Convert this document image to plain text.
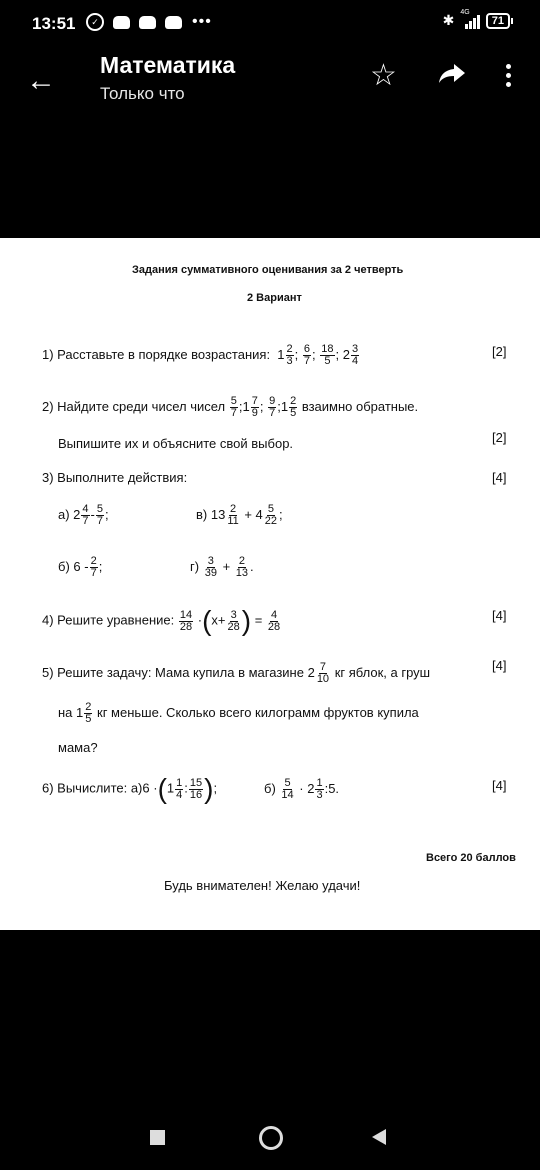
13:51	✓	•••	✱ 4G
71
← Математика
Только что
☆
Задания суммативного оценивания за 2 четверть
2 Вариант
1) Расставьте в порядке возрастания:  $1 \frac{2}{3}$ ; $\frac{6}{7}$ ; $\frac{18}{5}$ ; $2 \frac{3}{4}$	[2]
2) Найдите среди чисел чисел $\frac{5}{7}$ ;1 $\frac{7}{9}$ ; $\frac{9}{7}$ ;1 $\frac{2}{5}$ взаимно обратные.
Выпишите их и объясните свой выбор.	[2]
3) Выполните действия:	[4]
а) $2 \frac{4}{7} - \frac{5}{7}$ ;	в) $13 \frac{2}{11} + 4 \frac{5}{22}$ ;
б) $6 - \frac{2}{7}$ ;	$г) \frac{3}{39} + \frac{2}{13}$ .
4) Решите уравнение: $\frac{14}{28} \cdot(x+ \frac{3}{28}$ ) = $\frac{4}{28}$	[4]
5) Решите задачу: Мама купила в магазине $2 \frac{7}{10}$ кг яблок, а груш	[4]
на $1 \frac{2}{5}$ кг меньше. Сколько всего килограмм фруктов купила
мама?
6) Вычислите: $а)6 \cdot(1 \frac{1}{4}$ : $\frac{15}{16}$ );	$б) \frac{5}{14} \cdot 2 \frac{1}{3}$ :5.	[4]
Всего 20 баллов
Будь внимателен! Желаю удачи!
